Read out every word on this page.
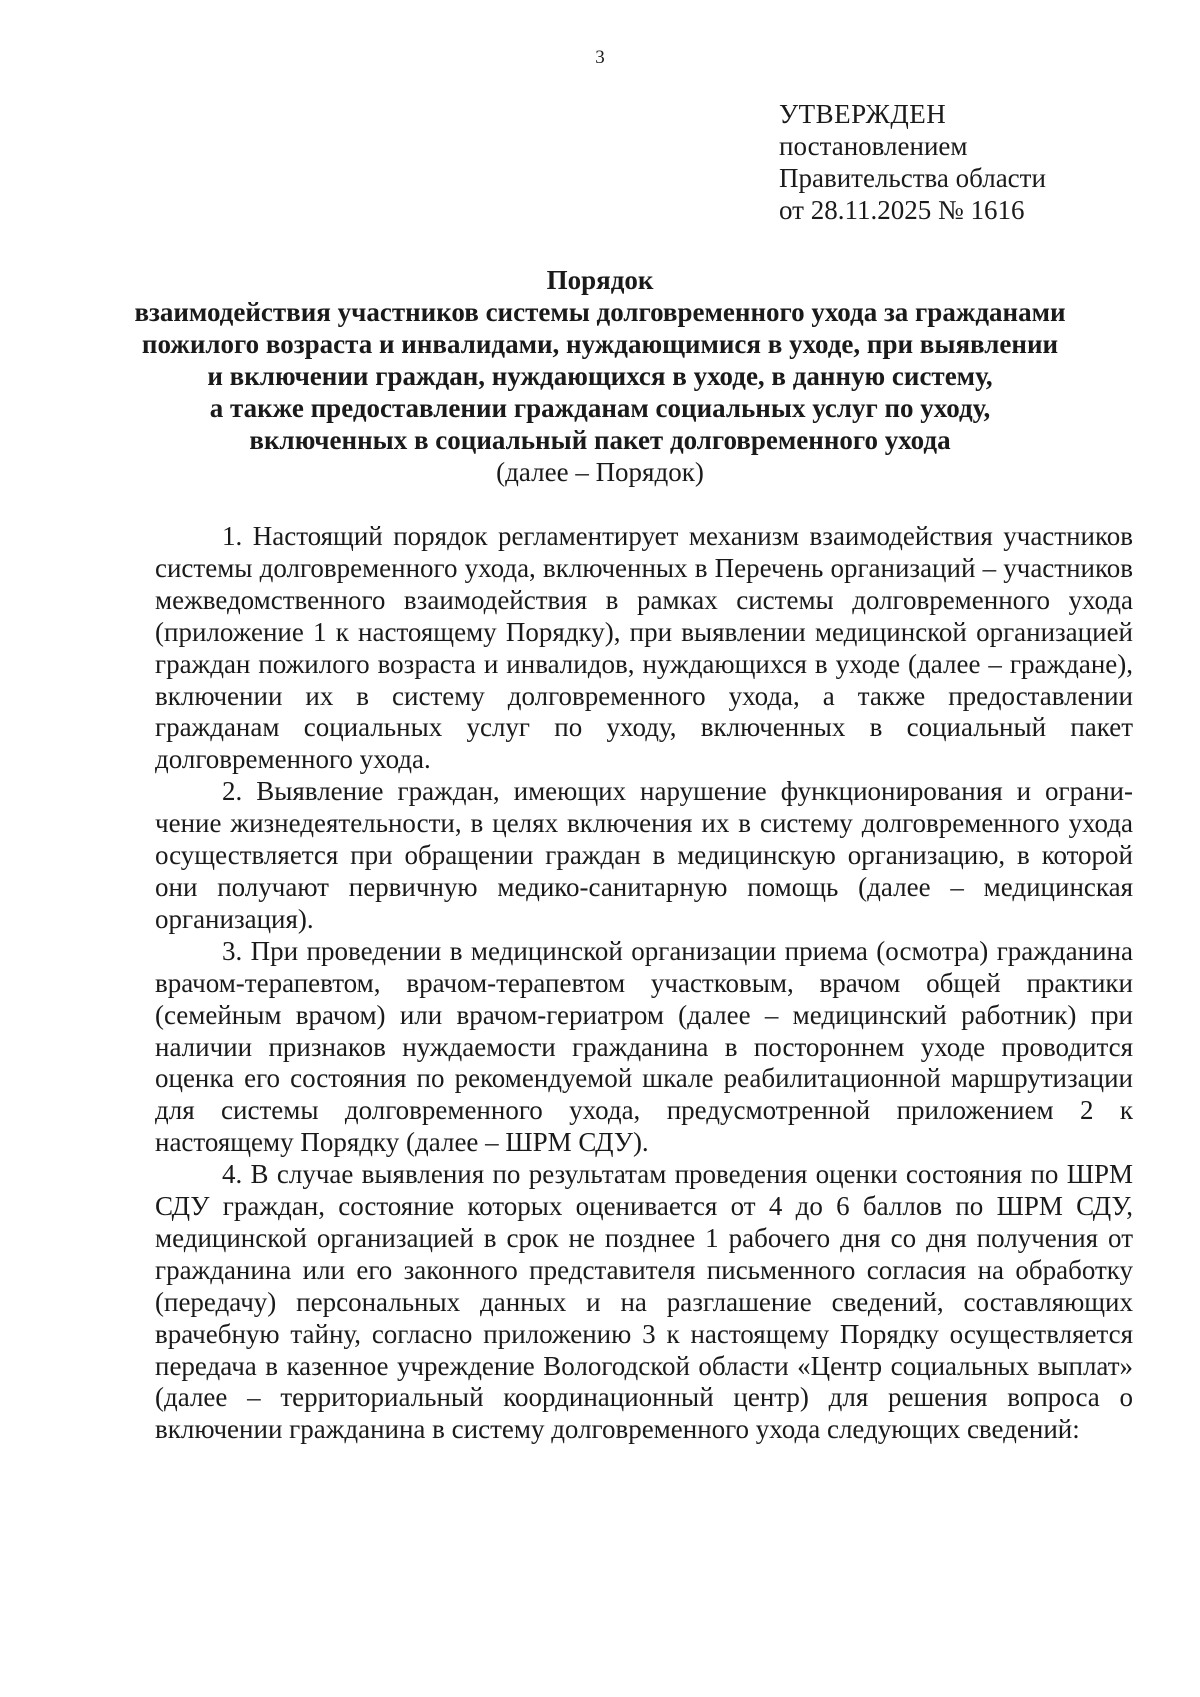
3
УТВЕРЖДЕН
постановлением
Правительства области
от 28.11.2025 № 1616
Порядок
взаимодействия участников системы долговременного ухода за гражданами
пожилого возраста и инвалидами, нуждающимися в уходе, при выявлении
и включении граждан, нуждающихся в уходе, в данную систему,
а также предоставлении гражданам социальных услуг по уходу,
включенных в социальный пакет долговременного ухода
(далее – Порядок)

1. Настоящий порядок регламентирует механизм взаимодействия участников системы долговременного ухода, включенных в Перечень организаций – участников межведомственного взаимодействия в рамках системы долговременного ухода (приложение 1 к настоящему Порядку), при выявлении медицинской организацией граждан пожилого возраста и инвалидов, нуждающихся в уходе (далее – граждане), включении их в систему долговременного ухода, а также предоставлении гражданам социальных услуг по уходу, включенных в социальный пакет долговременного ухода.

2. Выявление граждан, имеющих нарушение функционирования и ограничение жизнедеятельности, в целях включения их в систему долговременного ухода осуществляется при обращении граждан в медицинскую организацию, в которой они получают первичную медико-санитарную помощь (далее – медицинская организация).

3. При проведении в медицинской организации приема (осмотра) гражданина врачом-терапевтом, врачом-терапевтом участковым, врачом общей практики (семейным врачом) или врачом-гериатром (далее – медицинский работник) при наличии признаков нуждаемости гражданина в постороннем уходе проводится оценка его состояния по рекомендуемой шкале реабилитационной маршрутизации для системы долговременного ухода, предусмотренной приложением 2 к настоящему Порядку (далее – ШРМ СДУ).

4. В случае выявления по результатам проведения оценки состояния по ШРМ СДУ граждан, состояние которых оценивается от 4 до 6 баллов по ШРМ СДУ, медицинской организацией в срок не позднее 1 рабочего дня со дня получения от гражданина или его законного представителя письменного согласия на обработку (передачу) персональных данных и на разглашение сведений, составляющих врачебную тайну, согласно приложению 3 к настоящему Порядку осуществляется передача в казенное учреждение Вологодской области «Центр социальных выплат» (далее – территориальный координационный центр) для решения вопроса о включении гражданина в систему долговременного ухода следующих сведений:
